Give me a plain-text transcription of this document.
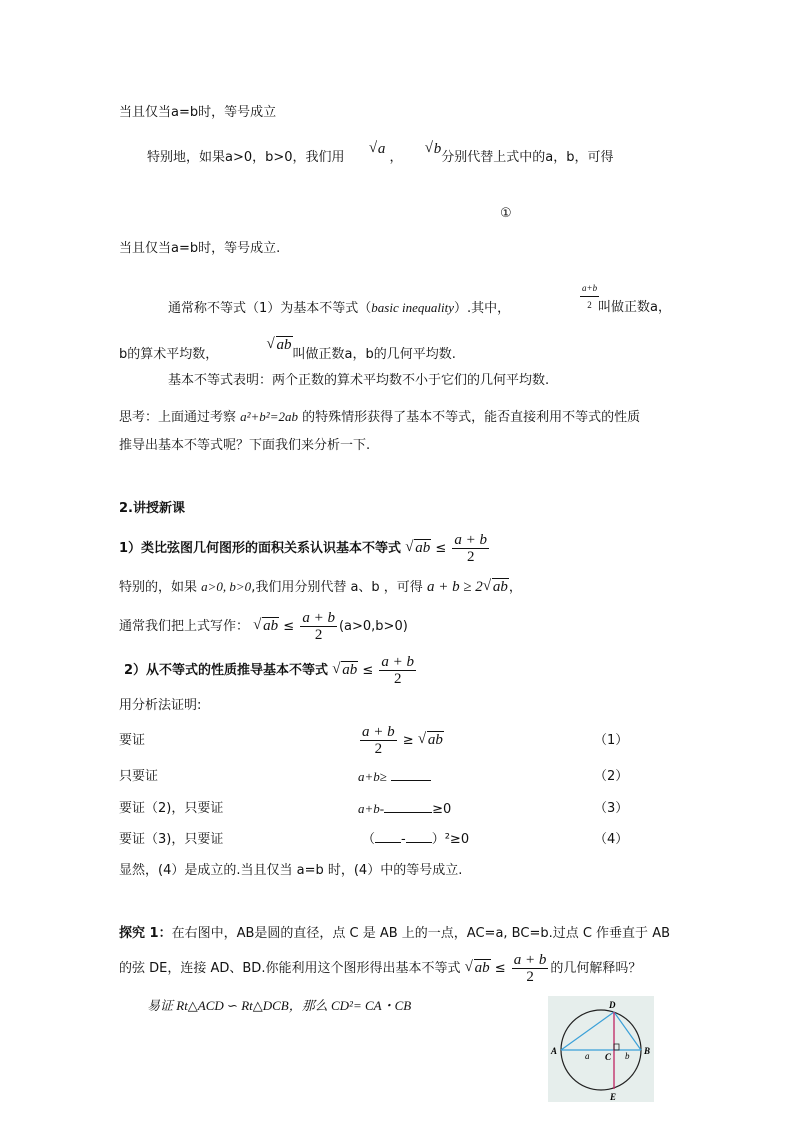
当且仅当a=b时，等号成立
特别地，如果a>0，b>0，我们用
√ a ，
√ b分别代替上式中的a，b，可得
①
当且仅当a=b时，等号成立.
通常称不等式（1）为基本不等式（basic inequality）.其中，	$\frac{a+b}{2}$
叫做正数a，
b的算术平均数，
√ ab叫做正数a，b的几何平均数.
基本不等式表明：两个正数的算术平均数不小于它们的几何平均数.
思考：上面通过考察 a²+b²=2ab 的特殊情形获得了基本不等式，能否直接利用不等式的性质
推导出基本不等式呢？下面我们来分析一下.
2.讲授新课
1）类比弦图几何图形的面积关系认识基本不等式 √ ab ≤ $\frac{a + b}{2}$
特别的，如果 a>0, b>0,我们用分别代替 a、b ，可得 a + b ≥ 2 √ ab，
通常我们把上式写作： √ ab ≤ $\frac{a + b}{2} (a>0,b>0)$
2）从不等式的性质推导基本不等式 √ ab ≤ $\frac{a + b}{2}$
用分析法证明:
要证	$\frac{a + b}{2}$ ≥ √ ab	（1）
只要证	a+b≥	（2）
要证（2)，只要证	a+b-	≥0	（3）
要证（3)，只要证	（ - ）²≥0	（4）
显然，(4）是成立的.当且仅当 a=b 时，(4）中的等号成立.
探究 1：在右图中，AB是圆的直径，点 C 是 AB 上的一点，AC=a, BC=b.过点 C 作垂直于 AB
的弦 DE，连接 AD、BD.你能利用这个图形得出基本不等式 √ ab ≤ $\frac{a + b}{2}$ 的几何解释吗？
易证 Rt△ACD ∽ Rt△DCB，那么 CD²= CA・CB
A	B
C
D
E
a	b
